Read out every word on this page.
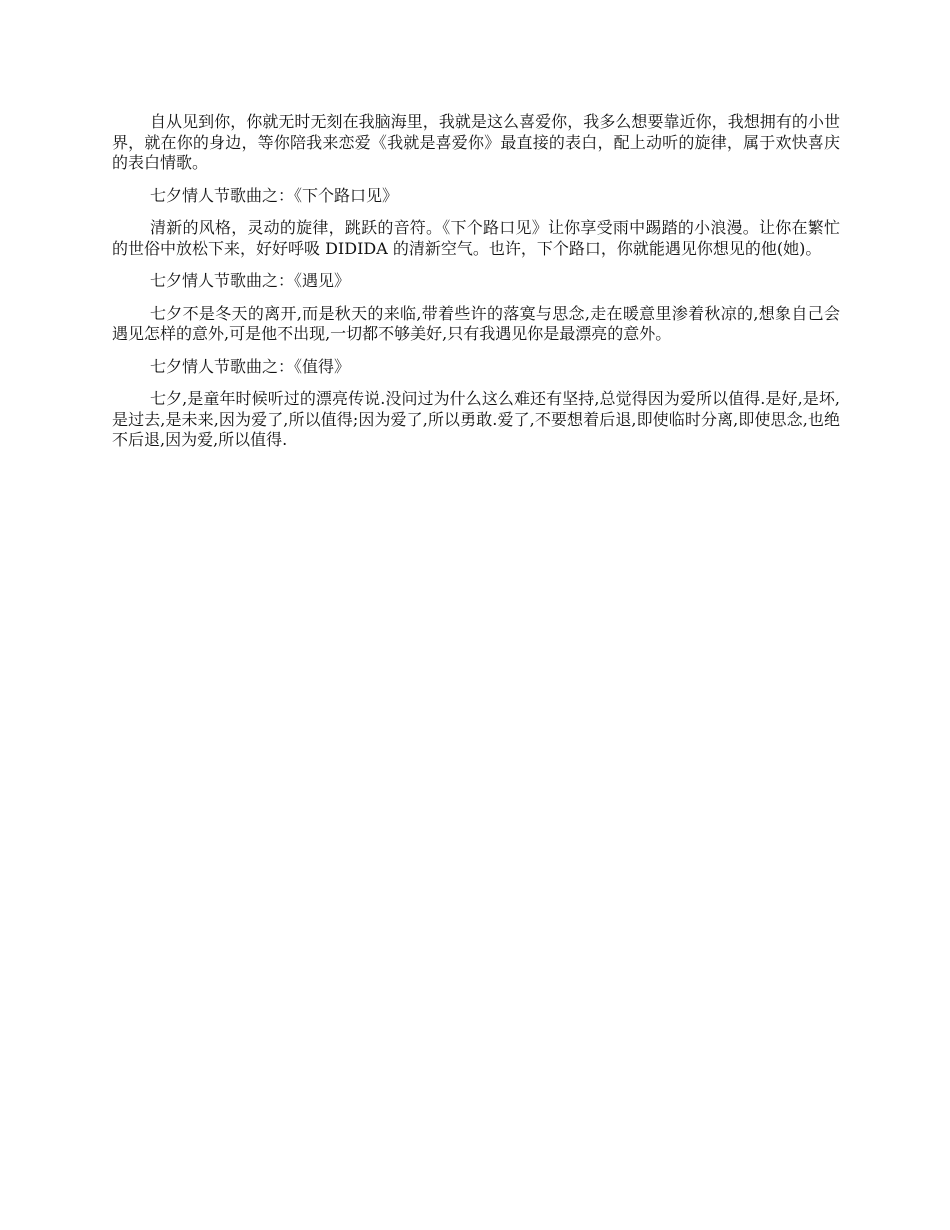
自从见到你，你就无时无刻在我脑海里，我就是这么喜爱你，我多么想要靠近你，我想拥有的小世界，就在你的身边，等你陪我来恋爱《我就是喜爱你》最直接的表白，配上动听的旋律，属于欢快喜庆的表白情歌。

七夕情人节歌曲之：《下个路口见》

清新的风格，灵动的旋律，跳跃的音符。《下个路口见》让你享受雨中踢踏的小浪漫。让你在繁忙的世俗中放松下来，好好呼吸 DIDIDA 的清新空气。也许，下个路口，你就能遇见你想见的他(她)。

七夕情人节歌曲之：《遇见》

七夕不是冬天的离开,而是秋天的来临,带着些许的落寞与思念,走在暖意里渗着秋凉的,想象自己会遇见怎样的意外,可是他不出现,一切都不够美好,只有我遇见你是最漂亮的意外。

七夕情人节歌曲之：《值得》

七夕,是童年时候听过的漂亮传说.没问过为什么这么难还有坚持,总觉得因为爱所以值得.是好,是坏,是过去,是未来,因为爱了,所以值得;因为爱了,所以勇敢.爱了,不要想着后退,即使临时分离,即使思念,也绝不后退,因为爱,所以值得.
